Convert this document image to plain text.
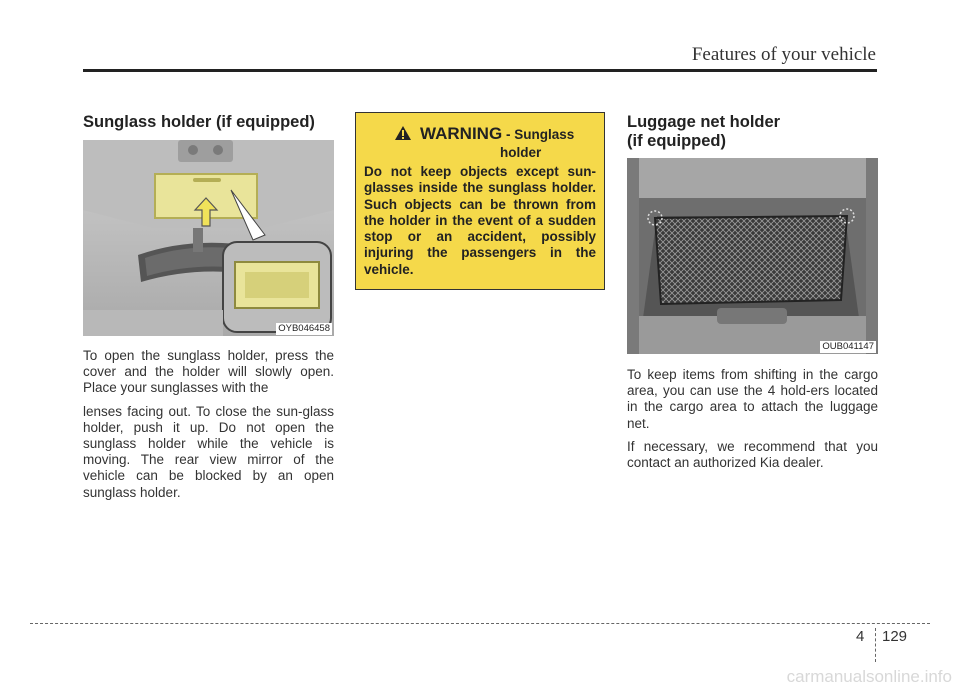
Features of your vehicle
Sunglass holder (if equipped)
OYB046458

To open the sunglass holder, press the cover and the holder will slowly open. Place your sunglasses with the

lenses facing out. To close the sun-glass holder, push it up. Do not open the sunglass holder while the vehicle is moving. The rear view mirror of the vehicle can be blocked by an open sunglass holder.

WARNING - Sunglass
holder

Do not keep objects except sun-glasses inside the sunglass holder. Such objects can be thrown from the holder in the event of a sudden stop or an accident, possibly injuring the passengers in the vehicle.

Luggage net holder
(if equipped)
OUB041147

To keep items from shifting in the cargo area, you can use the 4 hold-ers located in the cargo area to attach the luggage net.

If necessary, we recommend that you contact an authorized Kia dealer.

4 129
carmanualsonline.info
